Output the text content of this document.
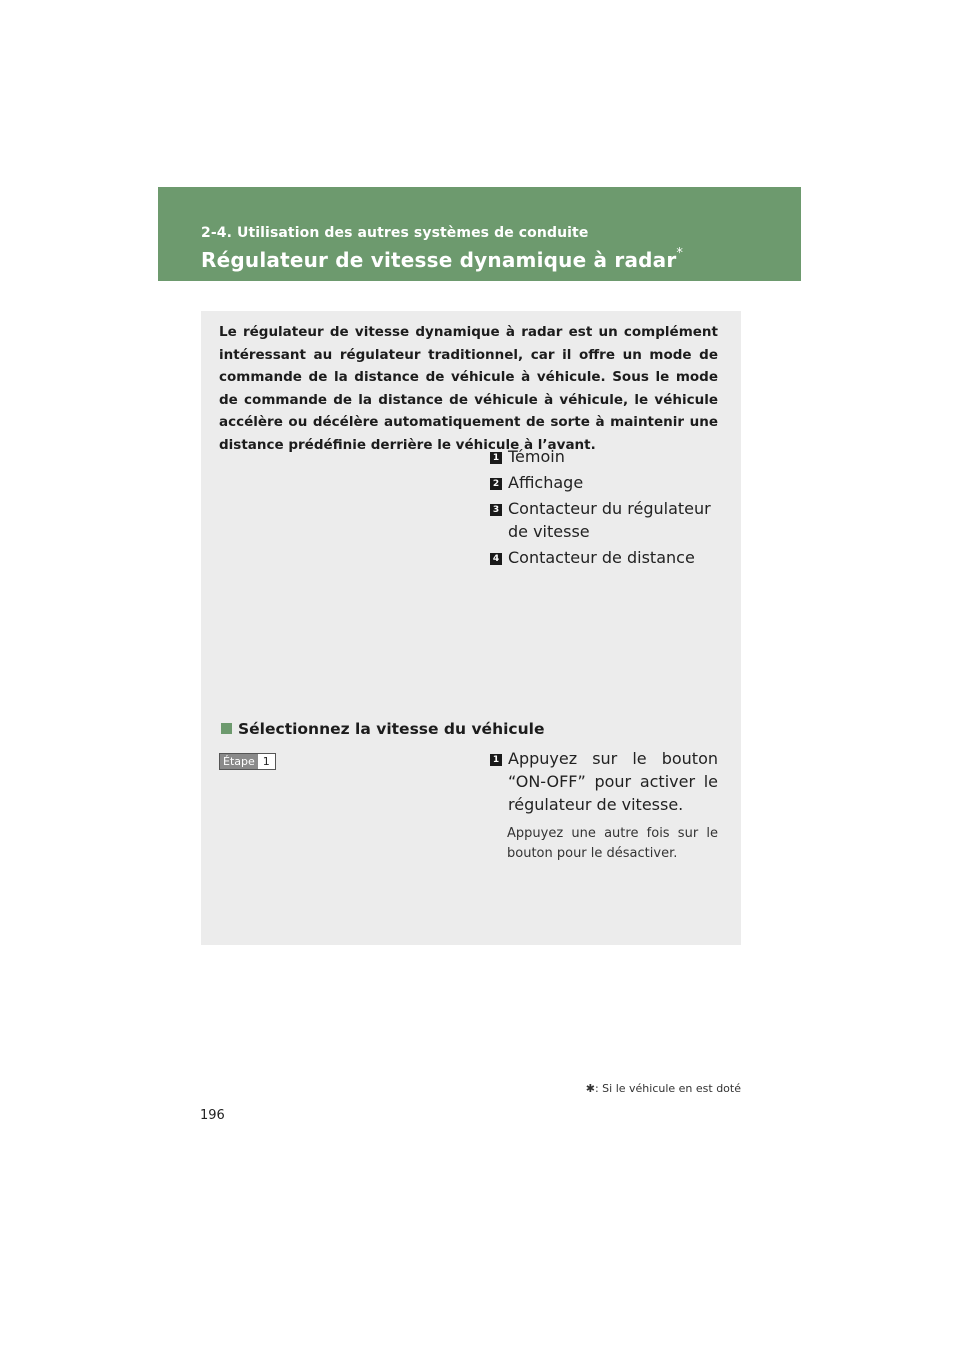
2-4. Utilisation des autres systèmes de conduite
Régulateur de vitesse dynamique à radar*
Le régulateur de vitesse dynamique à radar est un complément intéressant au régulateur traditionnel, car il offre un mode de commande de la distance de véhicule à véhicule. Sous le mode de commande de la distance de véhicule à véhicule, le véhicule accélère ou décélère automatiquement de sorte à maintenir une distance prédéfinie derrière le véhicule à l’avant.
1 Témoin
2 Affichage
3 Contacteur du régulateur de vitesse
4 Contacteur de distance
Sélectionnez la vitesse du véhicule
Étape 1	1 Appuyez sur le bouton “ON-OFF” pour activer le régulateur de vitesse.
Appuyez une autre fois sur le bouton pour le désactiver.
✱: Si le véhicule en est doté
196
